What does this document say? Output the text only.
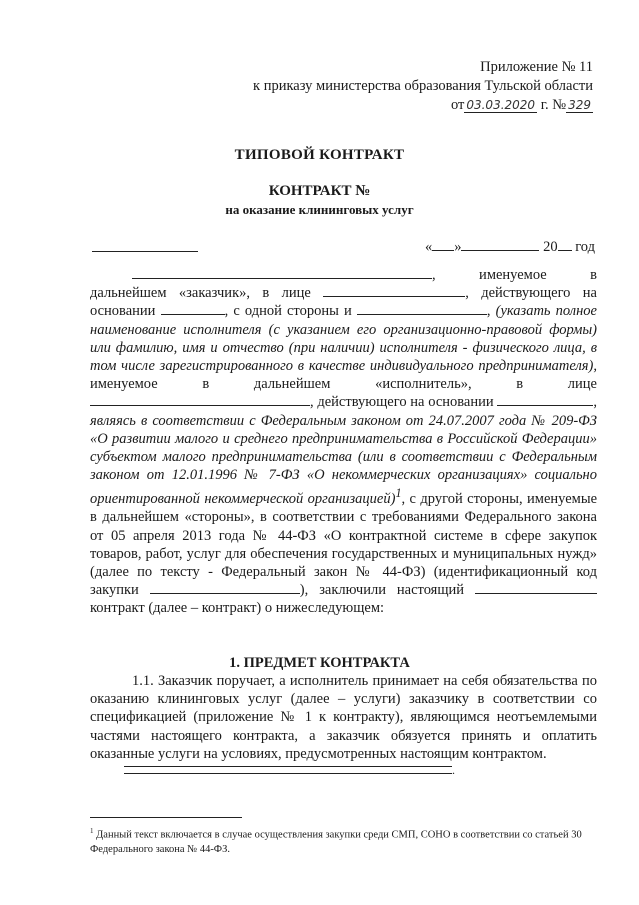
Приложение № 11
к приказу министерства образования Тульской области
от 03.03.2020 г. № 329
ТИПОВОЙ КОНТРАКТ
КОНТРАКТ №
на оказание клининговых услуг
« »	20 год

, именуемое в дальнейшем «заказчик», в лице	, действующего на основании	, с одной стороны и	, (указать полное наименование исполнителя (с указанием его организационно-правовой формы) или фамилию, имя и отчество (при наличии) исполнителя - физического лица, в том числе зарегистрированного в качестве индивидуального предпринимателя), именуемое в дальнейшем «исполнитель», в лице , действующего на основании	, являясь в соответствии с Федеральным законом от 24.07.2007 года № 209-ФЗ «О развитии малого и среднего предпринимательства в Российской Федерации» субъектом малого предпринимательства (или в соответствии с Федеральным законом от 12.01.1996 № 7-ФЗ «О некоммерческих организациях» социально ориентированной некоммерческой организацией)$^1$, с другой стороны, именуемые в дальнейшем «стороны», в соответствии с требованиями Федерального закона от 05 апреля 2013 года № 44-ФЗ «О контрактной системе в сфере закупок товаров, работ, услуг для обеспечения государственных и муниципальных нужд» (далее по тексту - Федеральный закон № 44-ФЗ) (идентификационный код закупки	), заключили настоящий  контракт (далее – контракт) о нижеследующем:

1. ПРЕДМЕТ КОНТРАКТА

1.1. Заказчик поручает, а исполнитель принимает на себя обязательства по оказанию клининговых услуг (далее – услуги) заказчику в соответствии со спецификацией (приложение № 1 к контракту), являющимся неотъемлемыми частями настоящего контракта, а заказчик обязуется принять и оплатить оказанные услуги на условиях, предусмотренных настоящим контрактом.

.
$^1$ Данный текст включается в случае осуществления закупки среди СМП, СОНО в соответствии со статьей 30 Федерального закона № 44-ФЗ.
